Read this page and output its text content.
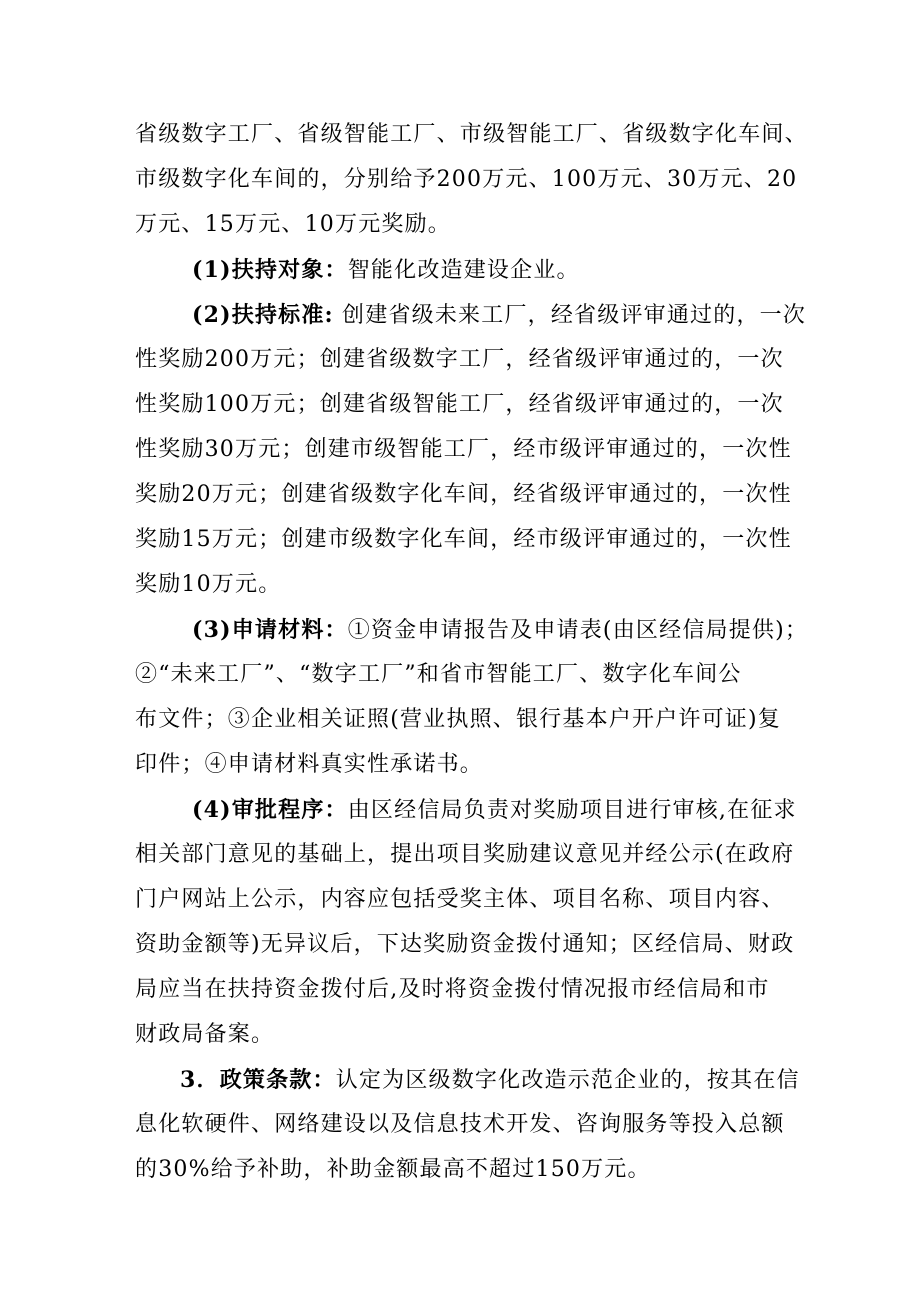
省级数字工厂、省级智能工厂、市级智能工厂、省级数字化车间、
市级数字化车间的，分别给予200万元、100万元、30万元、20
万元、15万元、10万元奖励。
(1)扶持对象：智能化改造建设企业。
(2)扶持标准: 创建省级未来工厂，经省级评审通过的，一次
性奖励200万元；创建省级数字工厂，经省级评审通过的，一次
性奖励100万元；创建省级智能工厂，经省级评审通过的，一次
性奖励30万元；创建市级智能工厂，经市级评审通过的，一次性
奖励20万元；创建省级数字化车间，经省级评审通过的，一次性
奖励15万元；创建市级数字化车间，经市级评审通过的，一次性
奖励10万元。
(3)申请材料：①资金申请报告及申请表(由区经信局提供)；
②“未来工厂”、“数字工厂”和省市智能工厂、数字化车间公
布文件；③企业相关证照(营业执照、银行基本户开户许可证)复
印件；④申请材料真实性承诺书。
(4)审批程序：由区经信局负责对奖励项目进行审核,在征求
相关部门意见的基础上，提出项目奖励建议意见并经公示(在政府
门户网站上公示，内容应包括受奖主体、项目名称、项目内容、
资助金额等)无异议后，下达奖励资金拨付通知；区经信局、财政
局应当在扶持资金拨付后,及时将资金拨付情况报市经信局和市
财政局备案。
3．政策条款：认定为区级数字化改造示范企业的，按其在信
息化软硬件、网络建设以及信息技术开发、咨询服务等投入总额
的30%给予补助，补助金额最高不超过150万元。
